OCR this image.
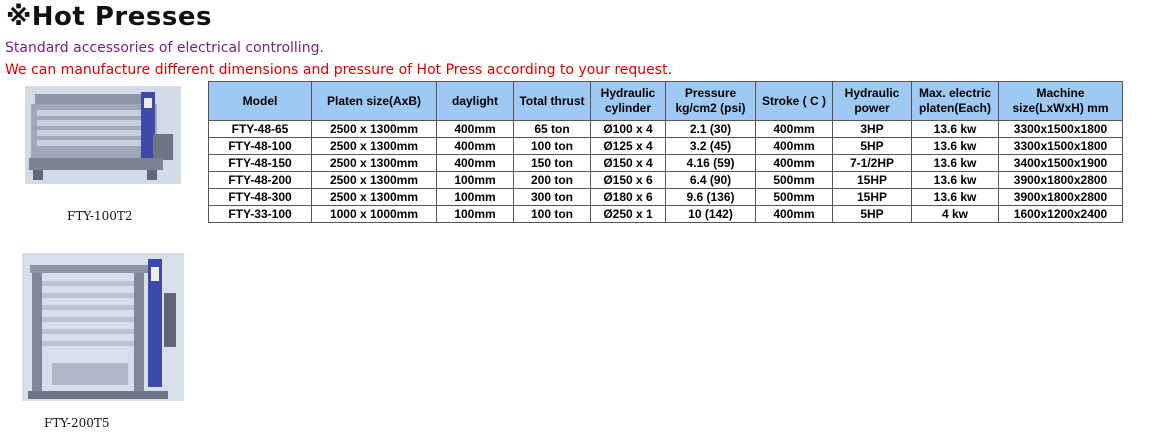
※Hot Presses
Standard accessories of electrical controlling.
We can manufacture different dimensions and pressure of Hot Press according to your request.
FTY-100T2
FTY-200T5
Model	Platen size(AxB)	daylight	Total thrust	Hydraulic cylinder	Pressure kg/cm2 (psi)	Stroke ( C )	Hydraulic power	Max. electric platen(Each)	Machine size(LxWxH) mm
FTY-48-65	2500 x 1300mm	400mm	65 ton	Ø100 x 4	2.1 (30)	400mm	3HP	13.6 kw	3300x1500x1800
FTY-48-100	2500 x 1300mm	400mm	100 ton	Ø125 x 4	3.2 (45)	400mm	5HP	13.6 kw	3300x1500x1800
FTY-48-150	2500 x 1300mm	400mm	150 ton	Ø150 x 4	4.16 (59)	400mm	7-1/2HP	13.6 kw	3400x1500x1900
FTY-48-200	2500 x 1300mm	100mm	200 ton	Ø150 x 6	6.4 (90)	500mm	15HP	13.6 kw	3900x1800x2800
FTY-48-300	2500 x 1300mm	100mm	300 ton	Ø180 x 6	9.6 (136)	500mm	15HP	13.6 kw	3900x1800x2800
FTY-33-100	1000 x 1000mm	100mm	100 ton	Ø250 x 1	10 (142)	400mm	5HP	4 kw	1600x1200x2400
